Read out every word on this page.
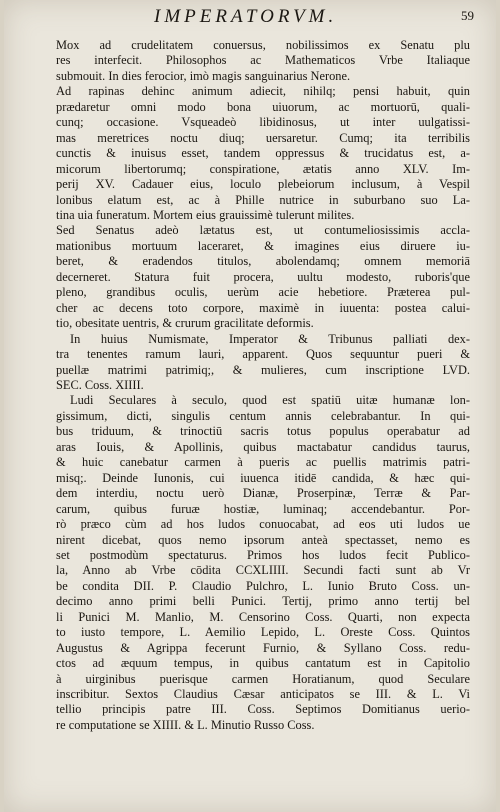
IMPERATORVM.	59
Mox ad crudelitatem conuersus, nobilissimos ex Senatu plu
res interfecit. Philosophos ac Mathematicos Vrbe Italiaque
submouit. In dies ferocior, imò magis sanguinarius Nerone.
Ad rapinas dehinc animum adiecit, nihilq; pensi habuit, quin
prædaretur omni modo bona uiuorum, ac mortuorū, quali-
cunq; occasione. Vsqueadeò libidinosus, ut inter uulgatissi-
mas meretrices noctu diuq; uersaretur. Cumq; ita terribilis
cunctis & inuisus esset, tandem oppressus & trucidatus est, a-
micorum libertorumq; conspiratione, ætatis anno XLV. Im-
perij XV. Cadauer eius, loculo plebeiorum inclusum, à Vespil
lonibus elatum est, ac à Phille nutrice in suburbano suo La-
tina uia funeratum. Mortem eius grauissimè tulerunt milites.
Sed Senatus adeò lætatus est, ut contumeliosissimis accla-
mationibus mortuum laceraret, & imagines eius diruere iu-
beret, & eradendos titulos, abolendamq; omnem memoriā
decerneret. Statura fuit procera, uultu modesto, ruboris'que
pleno, grandibus oculis, uerùm acie hebetiore. Præterea pul-
cher ac decens toto corpore, maximè in iuuenta: postea calui-
tio, obesitate uentris, & crurum gracilitate deformis.
In huius Numismate, Imperator & Tribunus palliati dex-
tra tenentes ramum lauri, apparent. Quos sequuntur pueri &
puellæ matrimi patrimiq;, & mulieres, cum inscriptione LVD.
SEC. Coss. XIIII.
Ludi Seculares à seculo, quod est spatiū uitæ humanæ lon-
gissimum, dicti, singulis centum annis celebrabantur. In qui-
bus triduum, & trinoctiū sacris totus populus operabatur ad
aras Iouis, & Apollinis, quibus mactabatur candidus taurus,
& huic canebatur carmen à pueris ac puellis matrimis patri-
misq;. Deinde Iunonis, cui iuuenca itidē candida, & hæc qui-
dem interdiu, noctu uerò Dianæ, Proserpinæ, Terræ & Par-
carum, quibus furuæ hostiæ, luminaq; accendebantur. Por-
rò præco cùm ad hos ludos conuocabat, ad eos uti ludos ue
nirent dicebat, quos nemo ipsorum anteà spectasset, nemo es
set postmodùm spectaturus. Primos hos ludos fecit Publico-
la, Anno ab Vrbe cōdita CCXLIIII. Secundi facti sunt ab Vr
be condita DII. P. Claudio Pulchro, L. Iunio Bruto Coss. un-
decimo anno primi belli Punici. Tertij, primo anno tertij bel
li Punici M. Manlio, M. Censorino Coss. Quarti, non expecta
to iusto tempore, L. Aemilio Lepido, L. Oreste Coss. Quintos
Augustus & Agrippa fecerunt Furnio, & Syllano Coss. redu-
ctos ad æquum tempus, in quibus cantatum est in Capitolio
à uirginibus puerisque carmen Horatianum, quod Seculare
inscribitur. Sextos Claudius Cæsar anticipatos se III. & L. Vi
tellio principis patre III. Coss. Septimos Domitianus uerio-
re computatione se XIIII. & L. Minutio Russo Coss.
